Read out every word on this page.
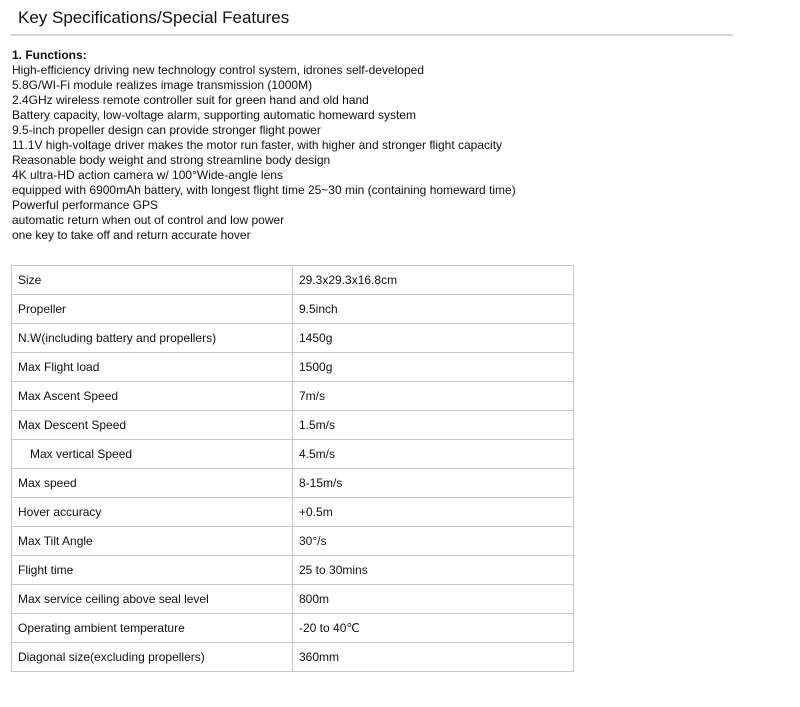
Key Specifications/Special Features

1. Functions:

High-efficiency driving new technology control system, idrones self-developed
5.8G/WI-Fi module realizes image transmission (1000M)
2.4GHz wireless remote controller suit for green hand and old hand
Battery capacity, low-voltage alarm, supporting automatic homeward system
9.5-inch propeller design can provide stronger flight power
11.1V high-voltage driver makes the motor run faster, with higher and stronger flight capacity
Reasonable body weight and strong streamline body design
4K ultra-HD action camera w/ 100°Wide-angle lens
equipped with 6900mAh battery, with longest flight time 25~30 min (containing homeward time)
Powerful performance GPS
automatic return when out of control and low power
one key to take off and return accurate hover
Size	29.3x29.3x16.8cm
Propeller	9.5inch
N.W(including battery and propellers)	1450g
Max Flight load	1500g
Max Ascent Speed	7m/s
Max Descent Speed	1.5m/s
Max vertical Speed	4.5m/s
Max speed	8-15m/s
Hover accuracy	+0.5m
Max Tilt Angle	30°/s
Flight time	25 to 30mins
Max service ceiling above seal level	800m
Operating ambient temperature	-20 to 40℃
Diagonal size(excluding propellers)	360mm
